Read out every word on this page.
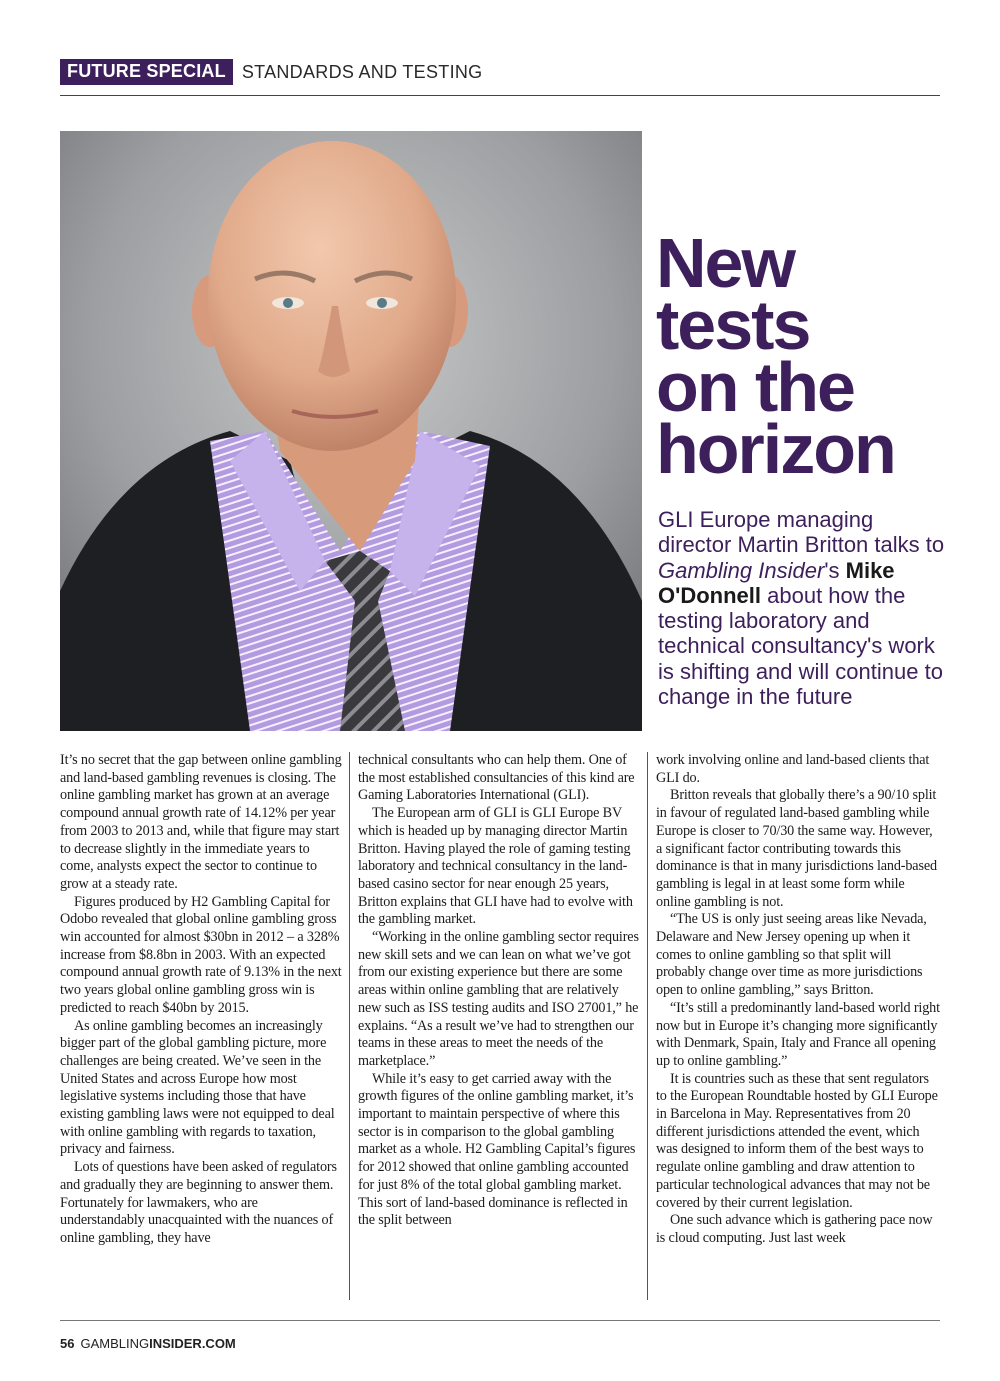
FUTURE SPECIAL STANDARDS AND TESTING
New
tests
on the
horizon
GLI Europe managing director Martin Britton talks to Gambling Insider's Mike O'Donnell about how the testing laboratory and technical consultancy's work is shifting and will continue to change in the future

It’s no secret that the gap between online gambling and land-based gambling revenues is closing. The online gambling market has grown at an average compound annual growth rate of 14.12% per year from 2003 to 2013 and, while that figure may start to decrease slightly in the immediate years to come, analysts expect the sector to continue to grow at a steady rate.

Figures produced by H2 Gambling Capital for Odobo revealed that global online gambling gross win accounted for almost $30bn in 2012 – a 328% increase from $8.8bn in 2003. With an expected compound annual growth rate of 9.13% in the next two years global online gambling gross win is predicted to reach $40bn by 2015.

As online gambling becomes an increasingly bigger part of the global gambling picture, more challenges are being created. We’ve seen in the United States and across Europe how most legislative systems including those that have existing gambling laws were not equipped to deal with online gambling with regards to taxation, privacy and fairness.

Lots of questions have been asked of regulators and gradually they are beginning to answer them. Fortunately for lawmakers, who are understandably unacquainted with the nuances of online gambling, they have

technical consultants who can help them. One of the most established consultancies of this kind are Gaming Laboratories International (GLI).

The European arm of GLI is GLI Europe BV which is headed up by managing director Martin Britton. Having played the role of gaming testing laboratory and technical consultancy in the land-based casino sector for near enough 25 years, Britton explains that GLI have had to evolve with the gambling market.

“Working in the online gambling sector requires new skill sets and we can lean on what we’ve got from our existing experience but there are some areas within online gambling that are relatively new such as ISS testing audits and ISO 27001,” he explains. “As a result we’ve had to strengthen our teams in these areas to meet the needs of the marketplace.”

While it’s easy to get carried away with the growth figures of the online gambling market, it’s important to maintain perspective of where this sector is in comparison to the global gambling market as a whole. H2 Gambling Capital’s figures for 2012 showed that online gambling accounted for just 8% of the total global gambling market. This sort of land-based dominance is reflected in the split between

work involving online and land-based clients that GLI do.

Britton reveals that globally there’s a 90/10 split in favour of regulated land-based gambling while Europe is closer to 70/30 the same way. However, a significant factor contributing towards this dominance is that in many jurisdictions land-based gambling is legal in at least some form while online gambling is not.

“The US is only just seeing areas like Nevada, Delaware and New Jersey opening up when it comes to online gambling so that split will probably change over time as more jurisdictions open to online gambling,” says Britton.

“It’s still a predominantly land-based world right now but in Europe it’s changing more significantly with Denmark, Spain, Italy and France all opening up to online gambling.”

It is countries such as these that sent regulators to the European Roundtable hosted by GLI Europe in Barcelona in May. Representatives from 20 different jurisdictions attended the event, which was designed to inform them of the best ways to regulate online gambling and draw attention to particular technological advances that may not be covered by their current legislation.

One such advance which is gathering pace now is cloud computing. Just last week

56 GAMBLING INSIDER.COM
